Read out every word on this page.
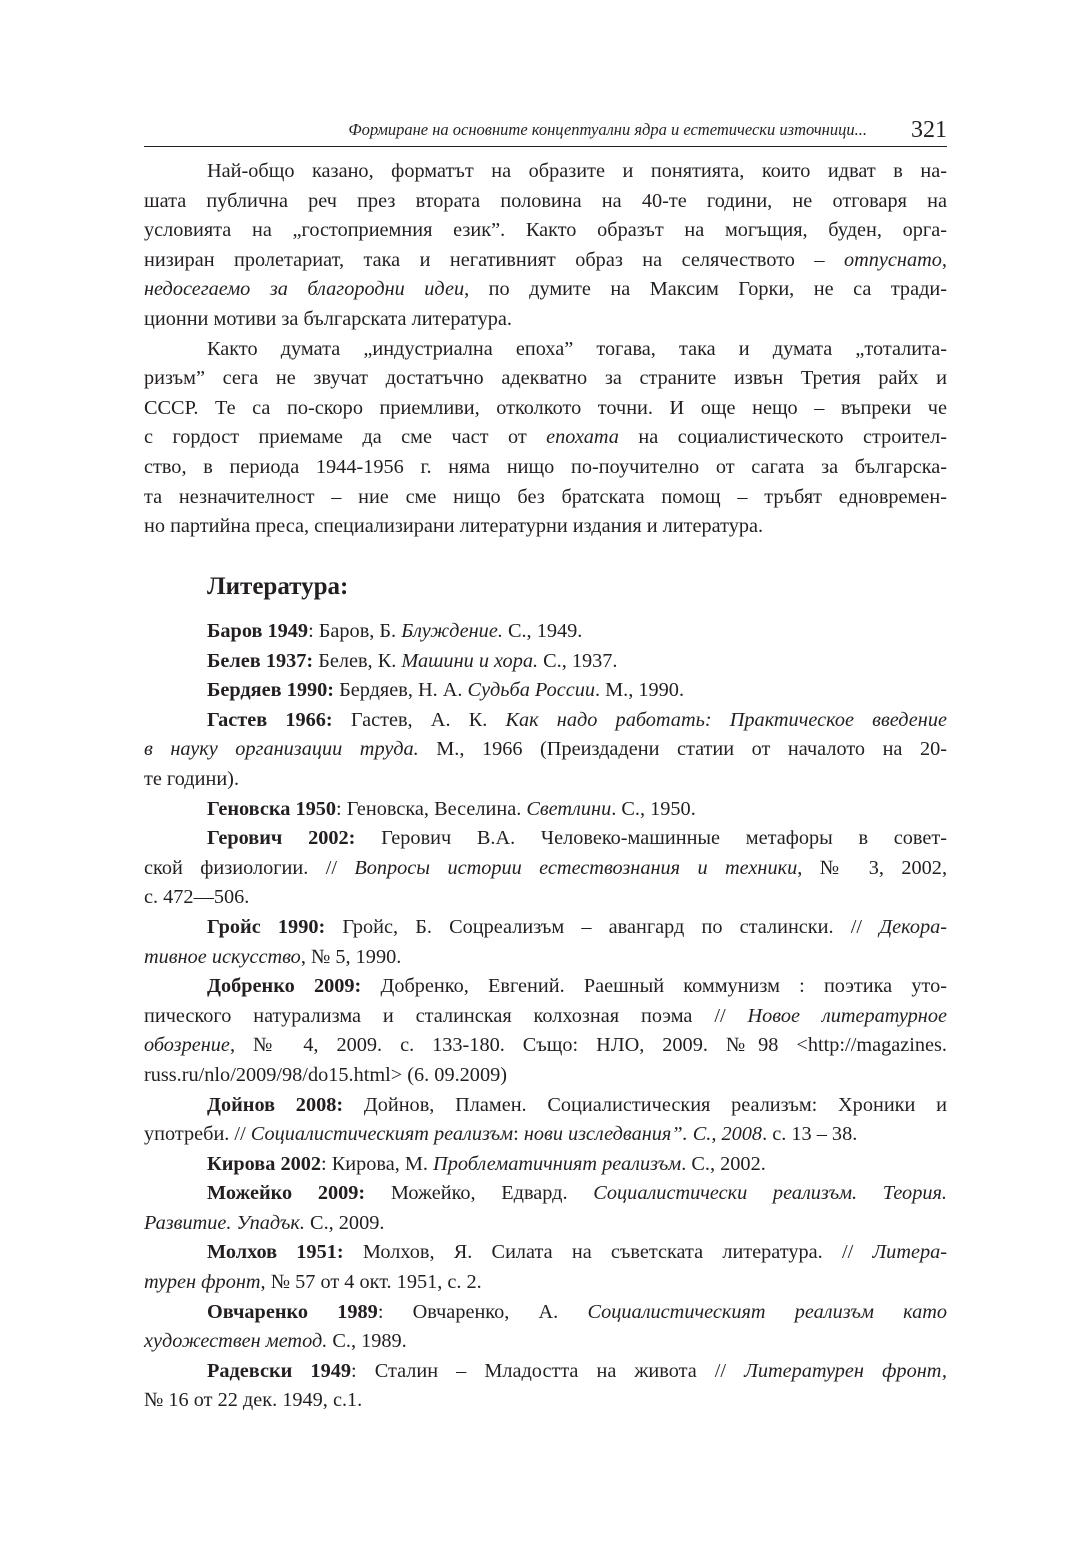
Формиране на основните концептуални ядра и естетически източници... 321
Най-общо казано, форматът на образите и понятията, които идват в на-
шата публична реч през втората половина на 40-те години, не отговаря на
условията на „гостоприемния език”. Както образът на могъщия, буден, орга-
низиран пролетариат, така и негативният образ на селячеството – отпуснато,
недосегаемо за благородни идеи, по думите на Максим Горки, не са тради-
ционни мотиви за българската литература.
Както думата „индустриална епоха” тогава, така и думата „тоталита-
ризъм” сега не звучат достатъчно адекватно за страните извън Третия райх и
СССР. Те са по-скоро приемливи, отколкото точни. И още нещо – въпреки че
с гордост приемаме да сме част от епохата на социалистическото строител-
ство, в периода 1944-1956 г. няма нищо по-поучително от сагата за българска-
та незначителност – ние сме нищо без братската помощ – тръбят едновремен-
но партийна преса, специализирани литературни издания и литература.
Литература:
Баров 1949: Баров, Б. Блуждение. С., 1949.
Белев 1937: Белев, К. Машини и хора. С., 1937.
Бердяев 1990: Бердяев, Н. А. Судьба России. М., 1990.
Гастев 1966: Гастев, А. К. Как надо работать: Практическое введение
в науку организации труда. М., 1966 (Преиздадени статии от началото на 20-
те години).
Геновска 1950: Геновска, Веселина. Светлини. С., 1950.
Герович 2002: Герович В.А. Человеко-машинные метафоры в совет-
ской физиологии. // Вопросы истории естествознания и техники, № 3, 2002,
с. 472—506.
Гройс 1990: Гройс, Б. Соцреализъм – авангард по сталински. // Декора-
тивное искусство, № 5, 1990.
Добренко 2009: Добренко, Евгений. Раешный коммунизм : поэтика уто-
пического натурализма и сталинская колхозная поэма // Новое литературное
обозрение, № 4, 2009. с. 133-180. Също: НЛО, 2009. №98 <http://magazines.
russ.ru/nlo/2009/98/do15.html> (6. 09.2009)
Дойнов 2008: Дойнов, Пламен. Социалистическия реализъм: Хроники и
употреби. // Социалистическият реализъм: нови изследвания”. С., 2008. с. 13 – 38.
Кирова 2002: Кирова, М. Проблематичният реализъм. С., 2002.
Можейко 2009: Можейко, Едвард. Социалистически реализъм. Теория.
Развитие. Упадък. С., 2009.
Молхов 1951: Молхов, Я. Силата на съветската литература. // Литера-
турен фронт, № 57 от 4 окт. 1951, с. 2.
Овчаренко 1989: Овчаренко, А. Социалистическият реализъм като
художествен метод. С., 1989.
Радевски 1949: Сталин – Младостта на живота // Литературен фронт,
№ 16 от 22 дек. 1949, с.1.
